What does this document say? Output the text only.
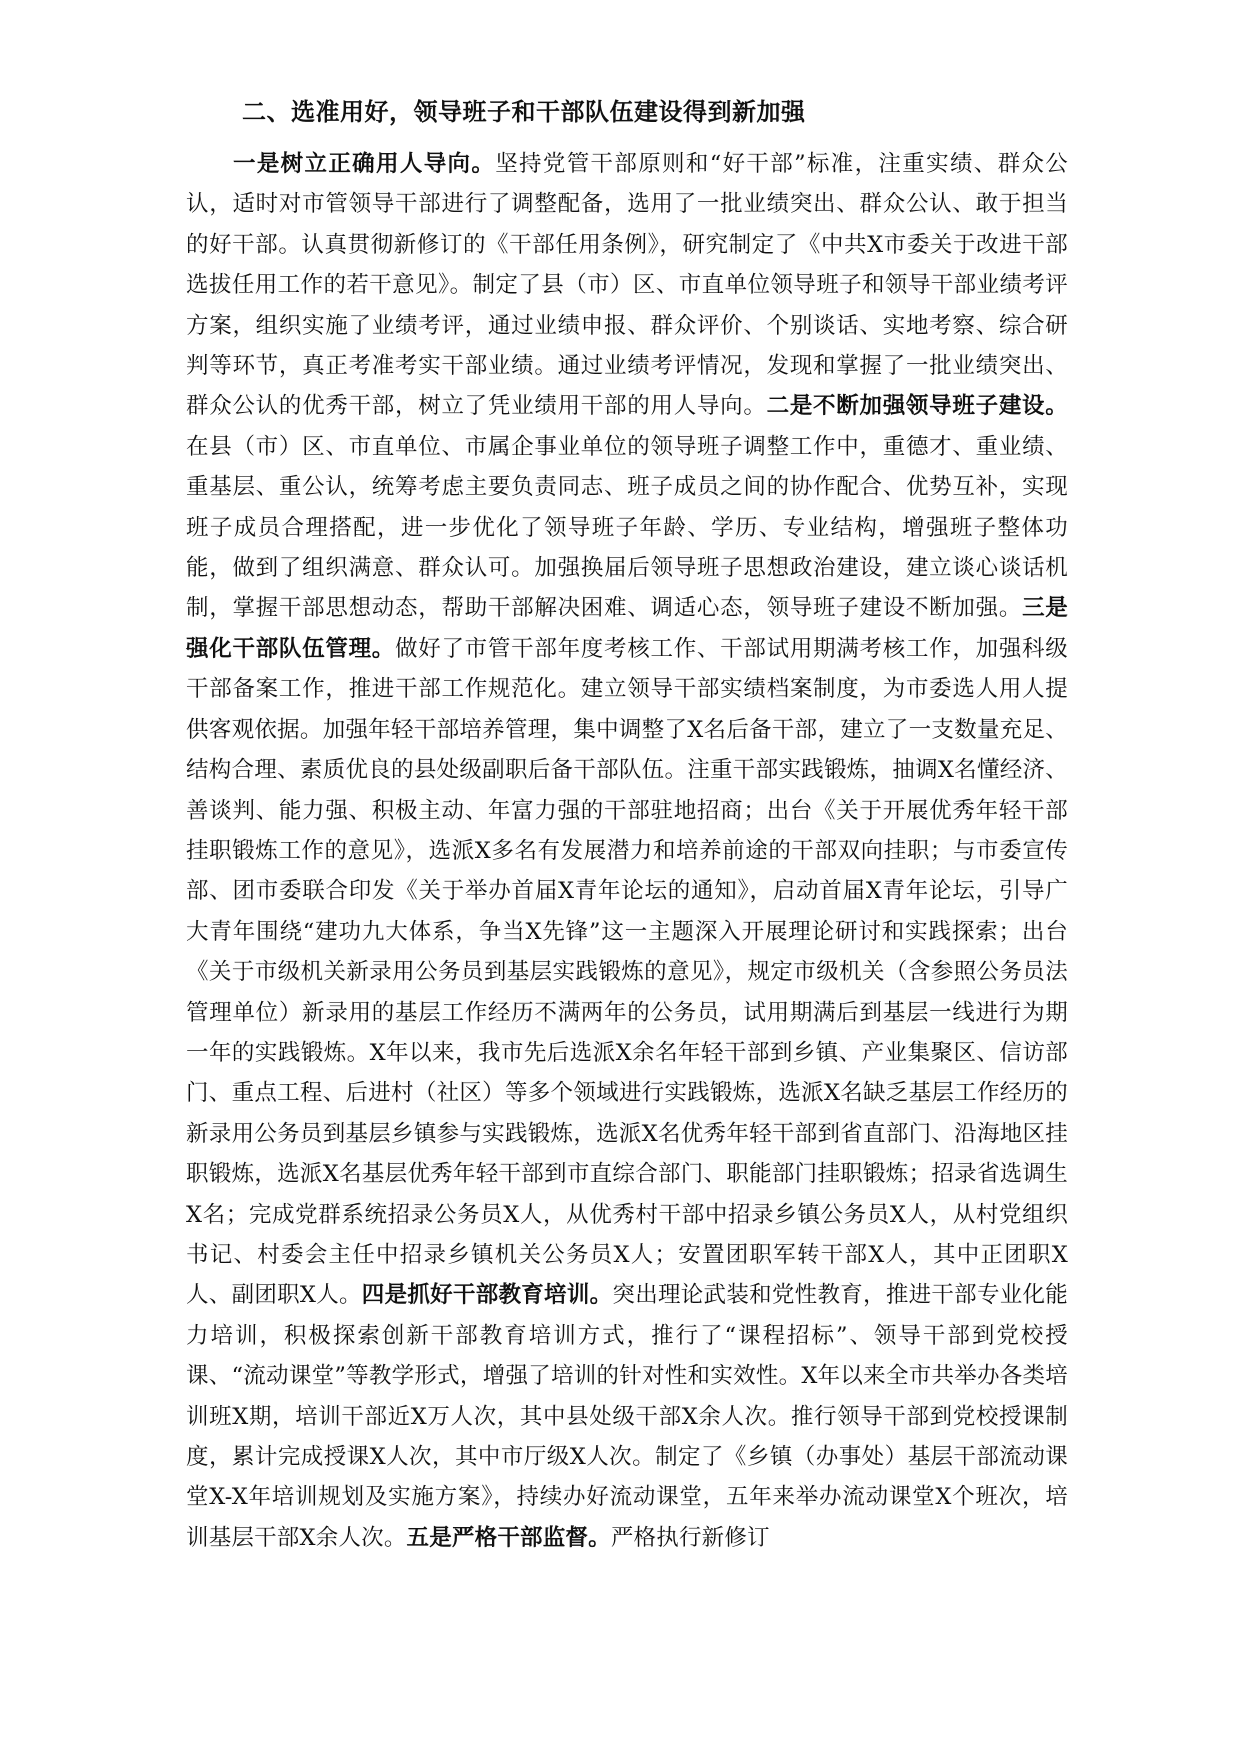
二、选准用好，领导班子和干部队伍建设得到新加强

一是树立正确用人导向。坚持党管干部原则和“好干部”标准，注重实绩、群众公认，适时对市管领导干部进行了调整配备，选用了一批业绩突出、群众公认、敢于担当的好干部。认真贯彻新修订的《干部任用条例》，研究制定了《中共X市委关于改进干部选拔任用工作的若干意见》。制定了县（市）区、市直单位领导班子和领导干部业绩考评方案，组织实施了业绩考评，通过业绩申报、群众评价、个别谈话、实地考察、综合研判等环节，真正考准考实干部业绩。通过业绩考评情况，发现和掌握了一批业绩突出、群众公认的优秀干部，树立了凭业绩用干部的用人导向。二是不断加强领导班子建设。在县（市）区、市直单位、市属企事业单位的领导班子调整工作中，重德才、重业绩、重基层、重公认，统筹考虑主要负责同志、班子成员之间的协作配合、优势互补，实现班子成员合理搭配，进一步优化了领导班子年龄、学历、专业结构，增强班子整体功能，做到了组织满意、群众认可。加强换届后领导班子思想政治建设，建立谈心谈话机制，掌握干部思想动态，帮助干部解决困难、调适心态，领导班子建设不断加强。三是强化干部队伍管理。做好了市管干部年度考核工作、干部试用期满考核工作，加强科级干部备案工作，推进干部工作规范化。建立领导干部实绩档案制度，为市委选人用人提供客观依据。加强年轻干部培养管理，集中调整了X名后备干部，建立了一支数量充足、结构合理、素质优良的县处级副职后备干部队伍。注重干部实践锻炼，抽调X名懂经济、善谈判、能力强、积极主动、年富力强的干部驻地招商；出台《关于开展优秀年轻干部挂职锻炼工作的意见》，选派X多名有发展潜力和培养前途的干部双向挂职；与市委宣传部、团市委联合印发《关于举办首届X青年论坛的通知》，启动首届X青年论坛，引导广大青年围绕“建功九大体系，争当X先锋”这一主题深入开展理论研讨和实践探索；出台《关于市级机关新录用公务员到基层实践锻炼的意见》，规定市级机关（含参照公务员法管理单位）新录用的基层工作经历不满两年的公务员，试用期满后到基层一线进行为期一年的实践锻炼。X年以来，我市先后选派X余名年轻干部到乡镇、产业集聚区、信访部门、重点工程、后进村（社区）等多个领域进行实践锻炼，选派X名缺乏基层工作经历的新录用公务员到基层乡镇参与实践锻炼，选派X名优秀年轻干部到省直部门、沿海地区挂职锻炼，选派X名基层优秀年轻干部到市直综合部门、职能部门挂职锻炼；招录省选调生X名；完成党群系统招录公务员X人，从优秀村干部中招录乡镇公务员X人，从村党组织书记、村委会主任中招录乡镇机关公务员X人；安置团职军转干部X人，其中正团职X人、副团职X人。四是抓好干部教育培训。突出理论武装和党性教育，推进干部专业化能力培训，积极探索创新干部教育培训方式，推行了“课程招标”、领导干部到党校授课、“流动课堂”等教学形式，增强了培训的针对性和实效性。X年以来全市共举办各类培训班X期，培训干部近X万人次，其中县处级干部X余人次。推行领导干部到党校授课制度，累计完成授课X人次，其中市厅级X人次。制定了《乡镇（办事处）基层干部流动课堂X-X年培训规划及实施方案》，持续办好流动课堂，五年来举办流动课堂X个班次，培训基层干部X余人次。五是严格干部监督。严格执行新修订
